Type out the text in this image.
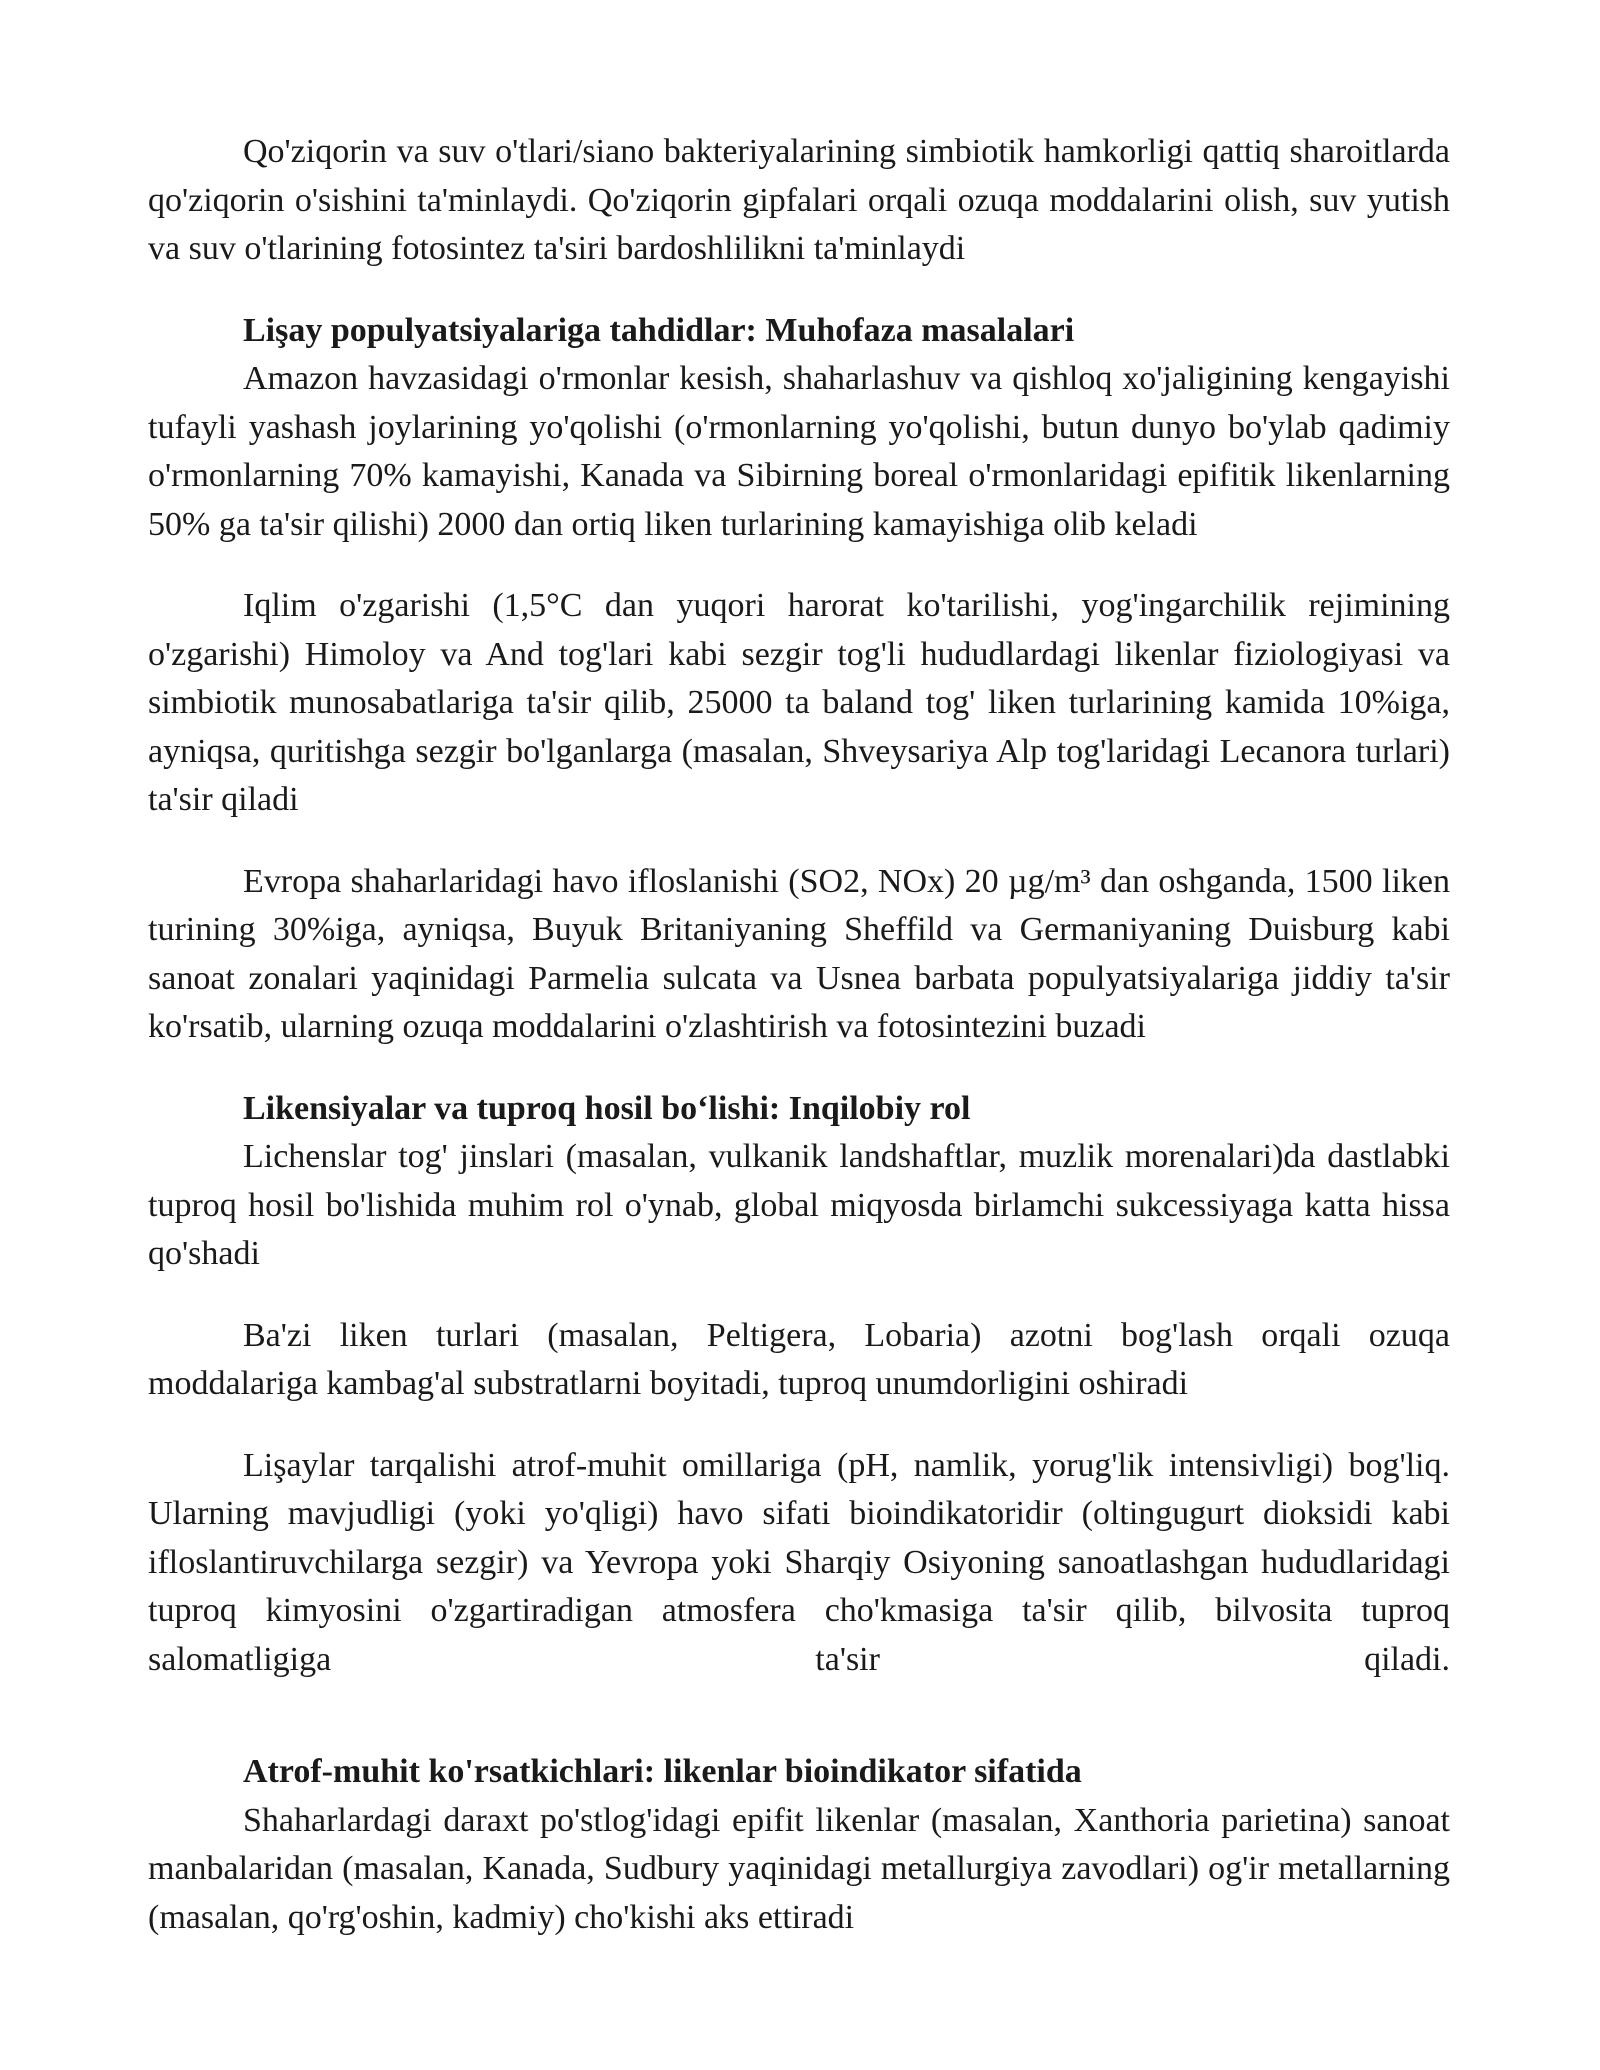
Qo'ziqorin va suv o'tlari/siano bakteriyalarining simbiotik hamkorligi qattiq sharoitlarda qo'ziqorin o'sishini ta'minlaydi. Qo'ziqorin gipfalari orqali ozuqa moddalarini olish, suv yutish va suv o'tlarining fotosintez ta'siri bardoshlilikni ta'minlaydi

Lişay populyatsiyalariga tahdidlar: Muhofaza masalalari

Amazon havzasidagi o'rmonlar kesish, shaharlashuv va qishloq xo'jaligining kengayishi tufayli yashash joylarining yo'qolishi (o'rmonlarning yo'qolishi, butun dunyo bo'ylab qadimiy o'rmonlarning 70% kamayishi, Kanada va Sibirning boreal o'rmonlaridagi epifitik likenlarning 50% ga ta'sir qilishi) 2000 dan ortiq liken turlarining kamayishiga olib keladi

Iqlim o'zgarishi (1,5°C dan yuqori harorat ko'tarilishi, yog'ingarchilik rejimining o'zgarishi) Himoloy va And tog'lari kabi sezgir tog'li hududlardagi likenlar fiziologiyasi va simbiotik munosabatlariga ta'sir qilib, 25000 ta baland tog' liken turlarining kamida 10%iga, ayniqsa, quritishga sezgir bo'lganlarga (masalan, Shveysariya Alp tog'laridagi Lecanora turlari) ta'sir qiladi

Evropa shaharlaridagi havo ifloslanishi (SO2, NOx) 20 µg/m³ dan oshganda, 1500 liken turining 30%iga, ayniqsa, Buyuk Britaniyaning Sheffild va Germaniyaning Duisburg kabi sanoat zonalari yaqinidagi Parmelia sulcata va Usnea barbata populyatsiyalariga jiddiy ta'sir ko'rsatib, ularning ozuqa moddalarini o'zlashtirish va fotosintezini buzadi

Likensiyalar va tuproq hosil bo‘lishi: Inqilobiy rol

Lichenslar tog' jinslari (masalan, vulkanik landshaftlar, muzlik morenalari)da dastlabki tuproq hosil bo'lishida muhim rol o'ynab, global miqyosda birlamchi sukcessiyaga katta hissa qo'shadi

Ba'zi liken turlari (masalan, Peltigera, Lobaria) azotni bog'lash orqali ozuqa moddalariga kambag'al substratlarni boyitadi, tuproq unumdorligini oshiradi

Lişaylar tarqalishi atrof-muhit omillariga (pH, namlik, yorug'lik intensivligi) bog'liq. Ularning mavjudligi (yoki yo'qligi) havo sifati bioindikatoridir (oltingugurt dioksidi kabi ifloslantiruvchilarga sezgir) va Yevropa yoki Sharqiy Osiyoning sanoatlashgan hududlaridagi tuproq kimyosini o'zgartiradigan atmosfera cho'kmasiga ta'sir qilib, bilvosita tuproq salomatligiga ta'sir qiladi.

Atrof-muhit ko'rsatkichlari: likenlar bioindikator sifatida

Shaharlardagi daraxt po'stlog'idagi epifit likenlar (masalan, Xanthoria parietina) sanoat manbalaridan (masalan, Kanada, Sudbury yaqinidagi metallurgiya zavodlari) og'ir metallarning (masalan, qo'rg'oshin, kadmiy) cho'kishi aks ettiradi
